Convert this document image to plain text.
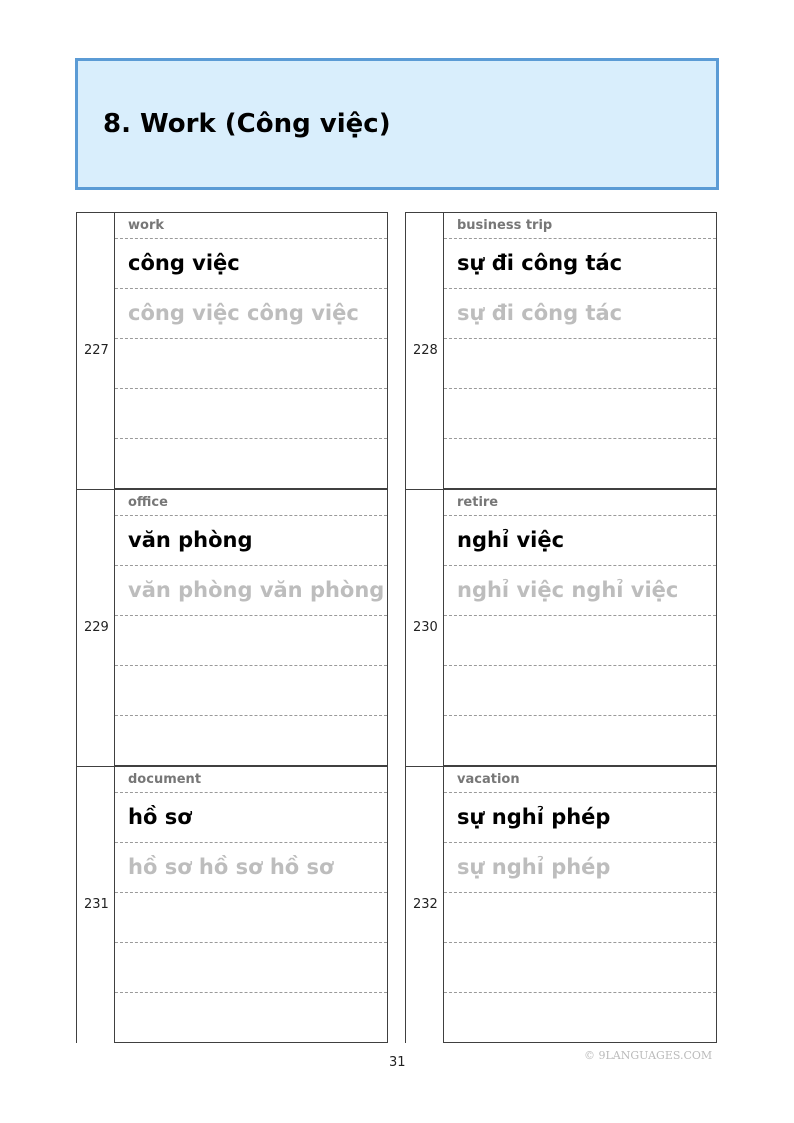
8. Work (Công việc)
227
work
công việc
công việc công việc
228
business trip
sự đi công tác
sự đi công tác
229
office
văn phòng
văn phòng văn phòng
230
retire
nghỉ việc
nghỉ việc nghỉ việc
231
document
hồ sơ
hồ sơ hồ sơ hồ sơ
232
vacation
sự nghỉ phép
sự nghỉ phép
31	© 9LANGUAGES.COM
